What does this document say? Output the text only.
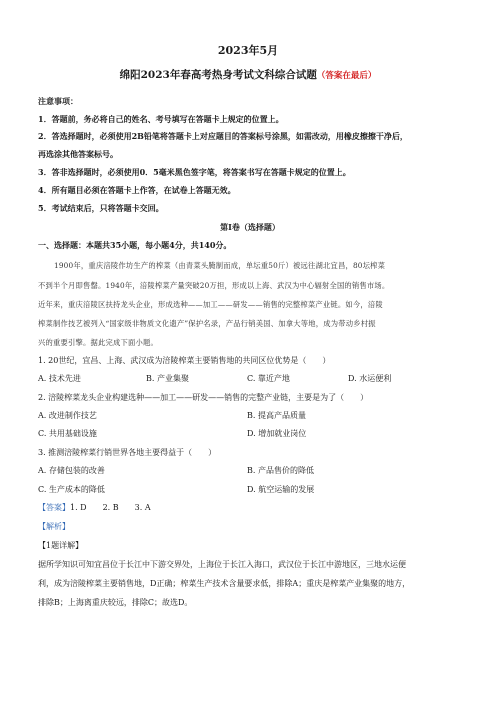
2023年5月
绵阳2023年春高考热身考试文科综合试题（答案在最后）
注意事项：
1．答题前，务必将自己的姓名、考号填写在答题卡上规定的位置上。
2．答选择题时，必须使用2B铅笔将答题卡上对应题目的答案标号涂黑，如需改动，用橡皮擦擦干净后，
再选涂其他答案标号。
3．答非选择题时，必须使用0．5毫米黑色签字笔，将答案书写在答题卡规定的位置上。
4．所有题目必须在答题卡上作答，在试卷上答题无效。
5．考试结束后，只将答题卡交回。
第Ⅰ卷（选择题）
一、选择题：本题共35小题，每小题4分，共140分。
1900年，重庆涪陵作坊生产的榨菜（由青菜头腌制而成，单坛重50斤）被远往湖北宜昌，80坛榨菜
不到半个月即售罄。1940年，涪陵榨菜产量突破20万担，形成以上海、武汉为中心辐射全国的销售市场。
近年来，重庆涪陵区扶持龙头企业，形成选种——加工——研发——销售的完整榨菜产业链。如今，涪陵
榨菜制作技艺被列入“国家级非物质文化遗产”保护名录，产品行销美国、加拿大等地，成为带动乡村振
兴的重要引擎。据此完成下面小题。
1. 20世纪，宜昌、上海、武汉成为涪陵榨菜主要销售地的共同区位优势是（　　）
A. 技术先进	B. 产业集聚	C. 靠近产地	D. 水运便利
2. 涪陵榨菜龙头企业构建选种——加工——研发——销售的完整产业链，主要是为了（　　）
A. 改进制作技艺	B. 提高产品质量
C. 共用基础设施	D. 增加就业岗位
3. 推测涪陵榨菜行销世界各地主要得益于（　　）
A. 存储包装的改善	B. 产品售价的降低
C. 生产成本的降低	D. 航空运输的发展
【答案】1. D　　2. B　　3. A
【解析】
【1题详解】
据所学知识可知宜昌位于长江中下游交界处，上海位于长江入海口，武汉位于长江中游地区，三地水运便
利，成为涪陵榨菜主要销售地，D正确；榨菜生产技术含量要求低，排除A；重庆是榨菜产业集聚的地方，
排除B；上海离重庆较远，排除C；故选D。
